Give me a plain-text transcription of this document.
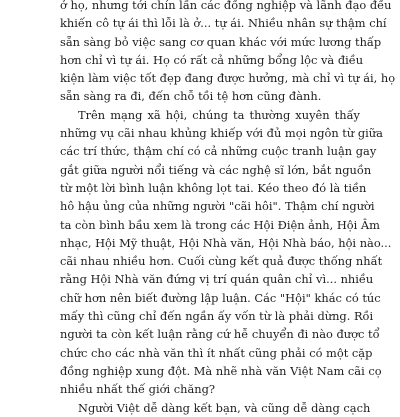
ở họ, nhưng tới chín lần các đồng nghiệp và lãnh đạo đều
khiến cô tự ái thì lỗi là ở... tự ái. Nhiều nhân sự thậm chí
sẵn sàng bỏ việc sang cơ quan khác với mức lương thấp
hơn chỉ vì tự ái. Họ có rất cả những bổng lộc và điều
kiện làm việc tốt đẹp đang được hưởng, mà chỉ vì tự ái, họ
sẵn sàng ra đi, đến chỗ tồi tệ hơn cũng đành.
Trên mạng xã hội, chúng ta thường xuyên thấy
những vụ cãi nhau khủng khiếp với đủ mọi ngôn từ giữa
các trí thức, thậm chí có cả những cuộc tranh luận gay
gắt giữa người nổi tiếng và các nghệ sĩ lớn, bắt nguồn
từ một lời bình luận không lọt tai. Kéo theo đó là tiền
hô hậu ủng của những người "cãi hôi". Thậm chí người
ta còn bình bầu xem là trong các Hội Điện ảnh, Hội Âm
nhạc, Hội Mỹ thuật, Hội Nhà văn, Hội Nhà báo, hội nào...
cãi nhau nhiều hơn. Cuối cùng kết quả được thống nhất
rằng Hội Nhà văn đứng vị trí quán quân chỉ vì... nhiều
chữ hơn nên biết đường lập luận. Các "Hội" khác có túc
mấy thì cũng chỉ đến ngần ấy vốn từ là phải dừng. Rồi
người ta còn kết luận rằng cứ hễ chuyển đi nào được tổ
chức cho các nhà văn thì ít nhất cũng phải có một cặp
đồng nghiệp xung đột. Mà nhẽ nhà văn Việt Nam cãi cọ
nhiều nhất thế giới chăng?
Người Việt dễ dàng kết bạn, và cũng dễ dàng cạch
